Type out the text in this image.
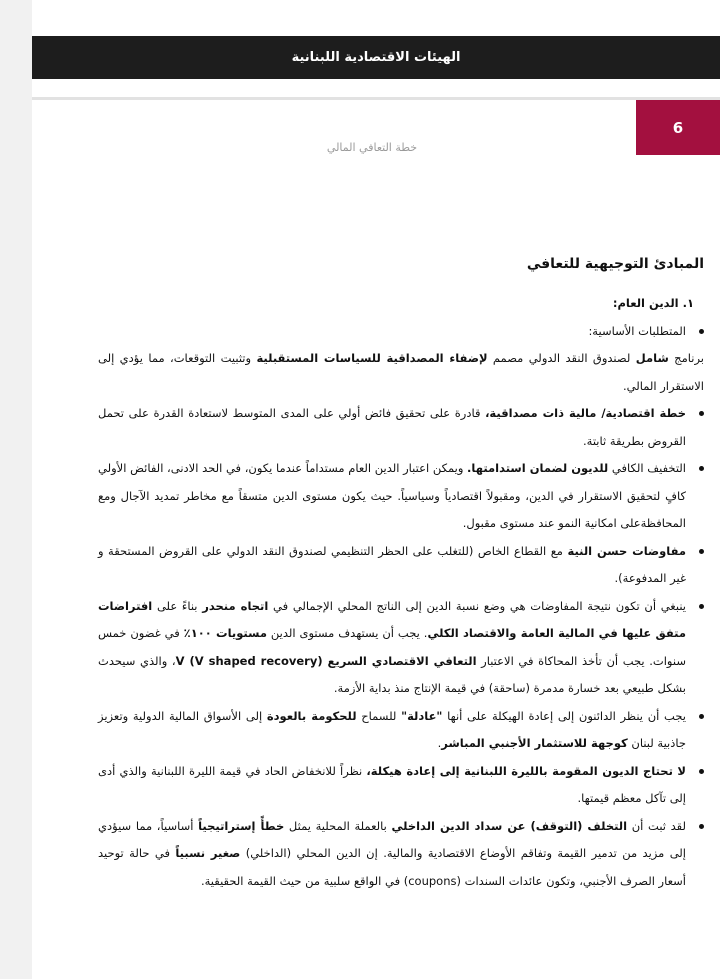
الهيئات الاقتصادية اللبنانية
6
خطة التعافي المالي
المبادئ التوجيهية للتعافي

١. الدين العام:

المتطلبات الأساسية:

برنامج شامل لصندوق النقد الدولي مصمم لإضفاء المصداقية للسياسات المستقبلية وتثبيت التوقعات، مما يؤدي إلى الاستقرار المالي.

خطة اقتصادية/ مالية ذات مصداقية، قادرة على تحقيق فائض أولي على المدى المتوسط لاستعادة القدرة على تحمل القروض بطريقة ثابتة.
التخفيف الكافي للديون لضمان استدامتها. ويمكن اعتبار الدين العام مستداماً عندما يكون، في الحد الادنى، الفائض الأولي كافٍ لتحقيق الاستقرار في الدين، ومقبولاً اقتصادياً وسياسياً. حيث يكون مستوى الدين متسقاً مع مخاطر تمديد الآجال ومع المحافظةعلى امكانية النمو عند مستوى مقبول.
مفاوضات حسن النية مع القطاع الخاص (للتغلب على الحظر التنظيمي لصندوق النقد الدولي على القروض المستحقة و غير المدفوعة).
ينبغي أن تكون نتيجة المفاوضات هي وضع نسبة الدين إلى الناتج المحلي الإجمالي في اتجاه منحدر بناءً على افتراضات متفق عليها في المالية العامة والاقتصاد الكلي. يجب أن يستهدف مستوى الدين مستويات ١٠٠٪ في غضون خمس سنوات. يجب أن تأخذ المحاكاة في الاعتبار التعافي الاقتصادي السريع (V shaped recovery) V، والذي سيحدث بشكل طبيعي بعد خسارة مدمرة (ساحقة) في قيمة الإنتاج منذ بداية الأزمة.
يجب أن ينظر الدائنون إلى إعادة الهيكلة على أنها "عادلة" للسماح للحكومة بالعودة إلى الأسواق المالية الدولية وتعزيز جاذبية لبنان كوجهة للاستثمار الأجنبي المباشر.
لا تحتاج الديون المقومة بالليرة اللبنانية إلى إعادة هيكلة، نظراً للانخفاض الحاد في قيمة الليرة اللبنانية والذي أدى إلى تآكل معظم قيمتها.
لقد ثبت أن التخلف (التوقف) عن سداد الدين الداخلي بالعملة المحلية يمثل خطأً إستراتيجياً أساسياً، مما سيؤدي إلى مزيد من تدمير القيمة وتفاقم الأوضاع الاقتصادية والمالية. إن الدين المحلي (الداخلي) صغير نسبياً في حالة توحيد أسعار الصرف الأجنبي، وتكون عائدات السندات (coupons) في الواقع سلبية من حيث القيمة الحقيقية.
